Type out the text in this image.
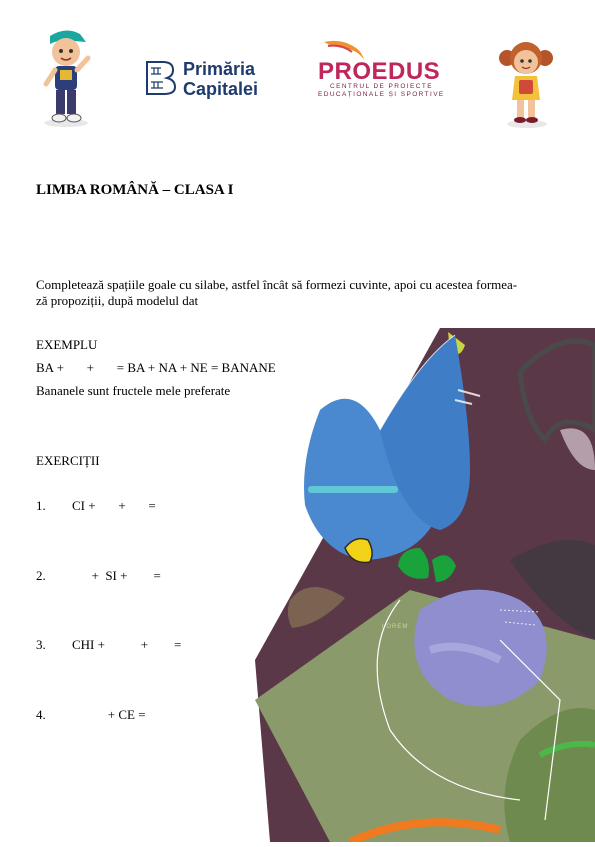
Primăria
Capitalei
PROEDUS
CENTRUL DE PROIECTE
EDUCAȚIONALE ȘI SPORTIVE
LOREM
LIMBA ROMÂNĂ – CLASA I
Completează spațiile goale cu silabe, astfel încât să formezi cuvinte, apoi cu acestea formea-
ză propoziții, după modelul dat
EXEMPLU
BA +       +       = BA + NA + NE = BANANE
Bananele sunt fructele mele preferate
EXERCIȚII
1. CI +       +       =
2. +  SI +        =
3. CHI +           +        =
4. + CE =
